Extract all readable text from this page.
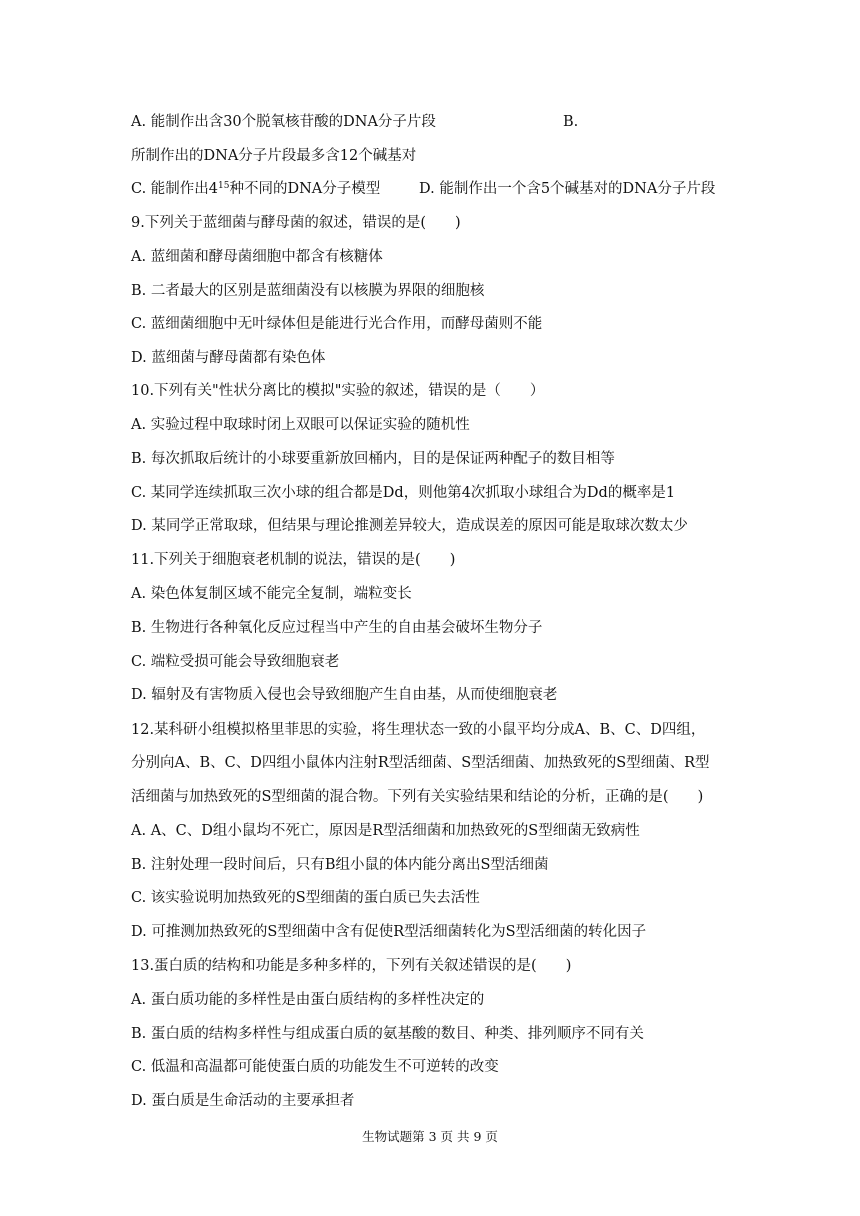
A. 能制作出含30个脱氧核苷酸的DNA分子片段	B.
所制作出的DNA分子片段最多含12个碱基对
C. 能制作出$4^{15}$种不同的DNA分子模型	D. 能制作出一个含5个碱基对的DNA分子片段
9.下列关于蓝细菌与酵母菌的叙述，错误的是(　　)
A. 蓝细菌和酵母菌细胞中都含有核糖体
B. 二者最大的区别是蓝细菌没有以核膜为界限的细胞核
C. 蓝细菌细胞中无叶绿体但是能进行光合作用，而酵母菌则不能
D. 蓝细菌与酵母菌都有染色体
10.下列有关"性状分离比的模拟"实验的叙述，错误的是（　　）
A. 实验过程中取球时闭上双眼可以保证实验的随机性
B. 每次抓取后统计的小球要重新放回桶内，目的是保证两种配子的数目相等
C. 某同学连续抓取三次小球的组合都是Dd，则他第4次抓取小球组合为Dd的概率是1
D. 某同学正常取球，但结果与理论推测差异较大，造成误差的原因可能是取球次数太少
11.下列关于细胞衰老机制的说法，错误的是(　　)
A. 染色体复制区域不能完全复制，端粒变长
B. 生物进行各种氧化反应过程当中产生的自由基会破坏生物分子
C. 端粒受损可能会导致细胞衰老
D. 辐射及有害物质入侵也会导致细胞产生自由基，从而使细胞衰老
12.某科研小组模拟格里菲思的实验，将生理状态一致的小鼠平均分成A、B、C、D四组，
分别向A、B、C、D四组小鼠体内注射R型活细菌、S型活细菌、加热致死的S型细菌、R型
活细菌与加热致死的S型细菌的混合物。下列有关实验结果和结论的分析，正确的是(　　)
A. A、C、D组小鼠均不死亡，原因是R型活细菌和加热致死的S型细菌无致病性
B. 注射处理一段时间后，只有B组小鼠的体内能分离出S型活细菌
C. 该实验说明加热致死的S型细菌的蛋白质已失去活性
D. 可推测加热致死的S型细菌中含有促使R型活细菌转化为S型活细菌的转化因子
13.蛋白质的结构和功能是多种多样的，下列有关叙述错误的是(　　)
A. 蛋白质功能的多样性是由蛋白质结构的多样性决定的
B. 蛋白质的结构多样性与组成蛋白质的氨基酸的数目、种类、排列顺序不同有关
C. 低温和高温都可能使蛋白质的功能发生不可逆转的改变
D. 蛋白质是生命活动的主要承担者
生物试题第 3 页 共 9 页
